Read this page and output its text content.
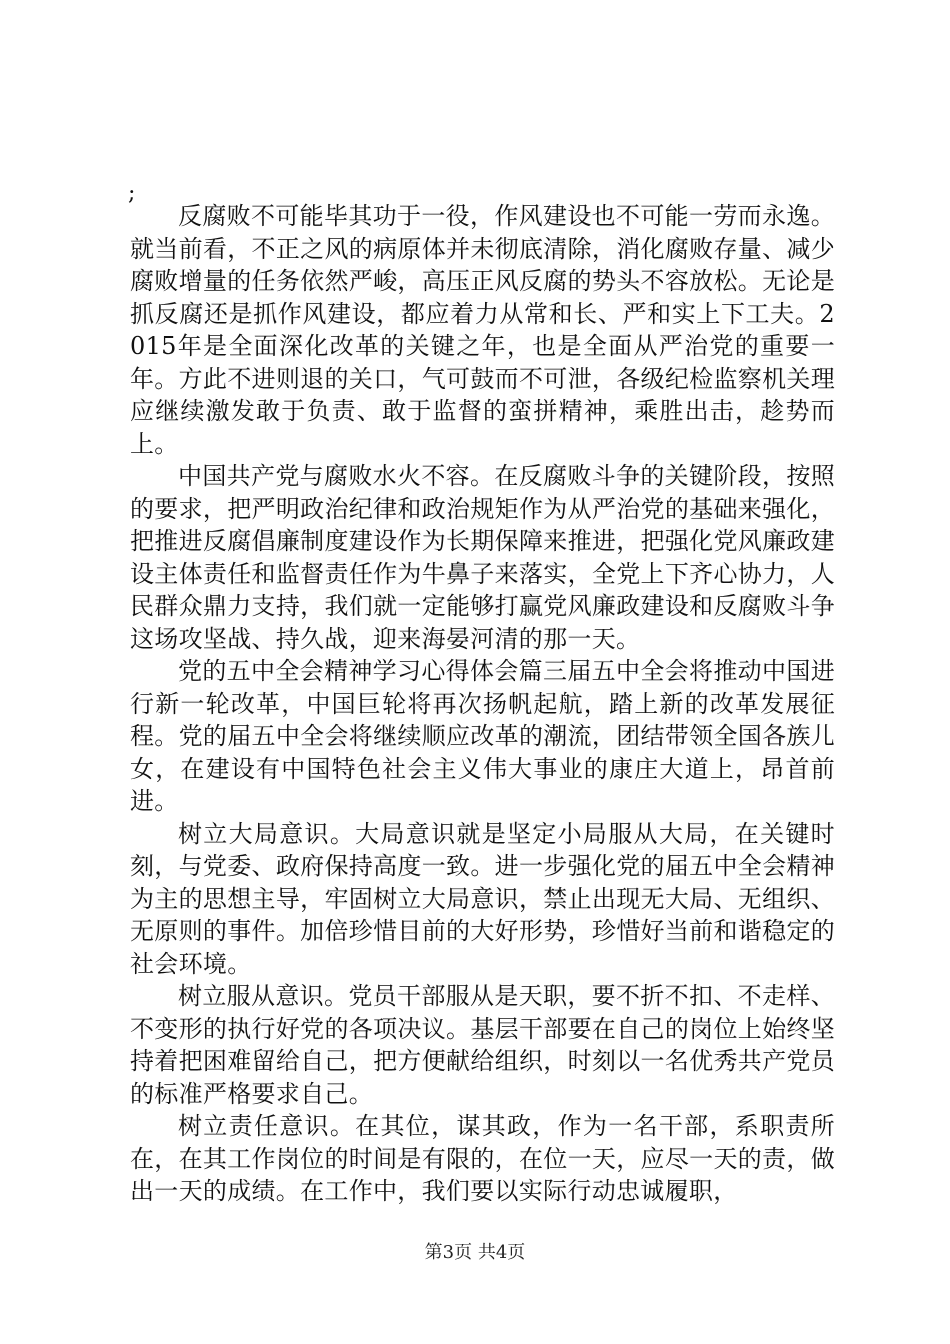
;

反腐败不可能毕其功于一役，作风建设也不可能一劳而永逸。就当前看，不正之风的病原体并未彻底清除，消化腐败存量、减少腐败增量的任务依然严峻，高压正风反腐的势头不容放松。无论是抓反腐还是抓作风建设，都应着力从常和长、严和实上下工夫。2015年是全面深化改革的关键之年，也是全面从严治党的重要一年。方此不进则退的关口，气可鼓而不可泄，各级纪检监察机关理应继续激发敢于负责、敢于监督的蛮拼精神，乘胜出击，趁势而上。

中国共产党与腐败水火不容。在反腐败斗争的关键阶段，按照的要求，把严明政治纪律和政治规矩作为从严治党的基础来强化，把推进反腐倡廉制度建设作为长期保障来推进，把强化党风廉政建设主体责任和监督责任作为牛鼻子来落实，全党上下齐心协力，人民群众鼎力支持，我们就一定能够打赢党风廉政建设和反腐败斗争这场攻坚战、持久战，迎来海晏河清的那一天。

党的五中全会精神学习心得体会篇三届五中全会将推动中国进行新一轮改革，中国巨轮将再次扬帆起航，踏上新的改革发展征程。党的届五中全会将继续顺应改革的潮流，团结带领全国各族儿女，在建设有中国特色社会主义伟大事业的康庄大道上，昂首前进。

树立大局意识。大局意识就是坚定小局服从大局，在关键时刻，与党委、政府保持高度一致。进一步强化党的届五中全会精神为主的思想主导，牢固树立大局意识，禁止出现无大局、无组织、无原则的事件。加倍珍惜目前的大好形势，珍惜好当前和谐稳定的社会环境。

树立服从意识。党员干部服从是天职，要不折不扣、不走样、不变形的执行好党的各项决议。基层干部要在自己的岗位上始终坚持着把困难留给自己，把方便献给组织，时刻以一名优秀共产党员的标准严格要求自己。

树立责任意识。在其位，谋其政，作为一名干部，系职责所在，在其工作岗位的时间是有限的，在位一天，应尽一天的责，做出一天的成绩。在工作中，我们要以实际行动忠诚履职，

第3页 共4页
